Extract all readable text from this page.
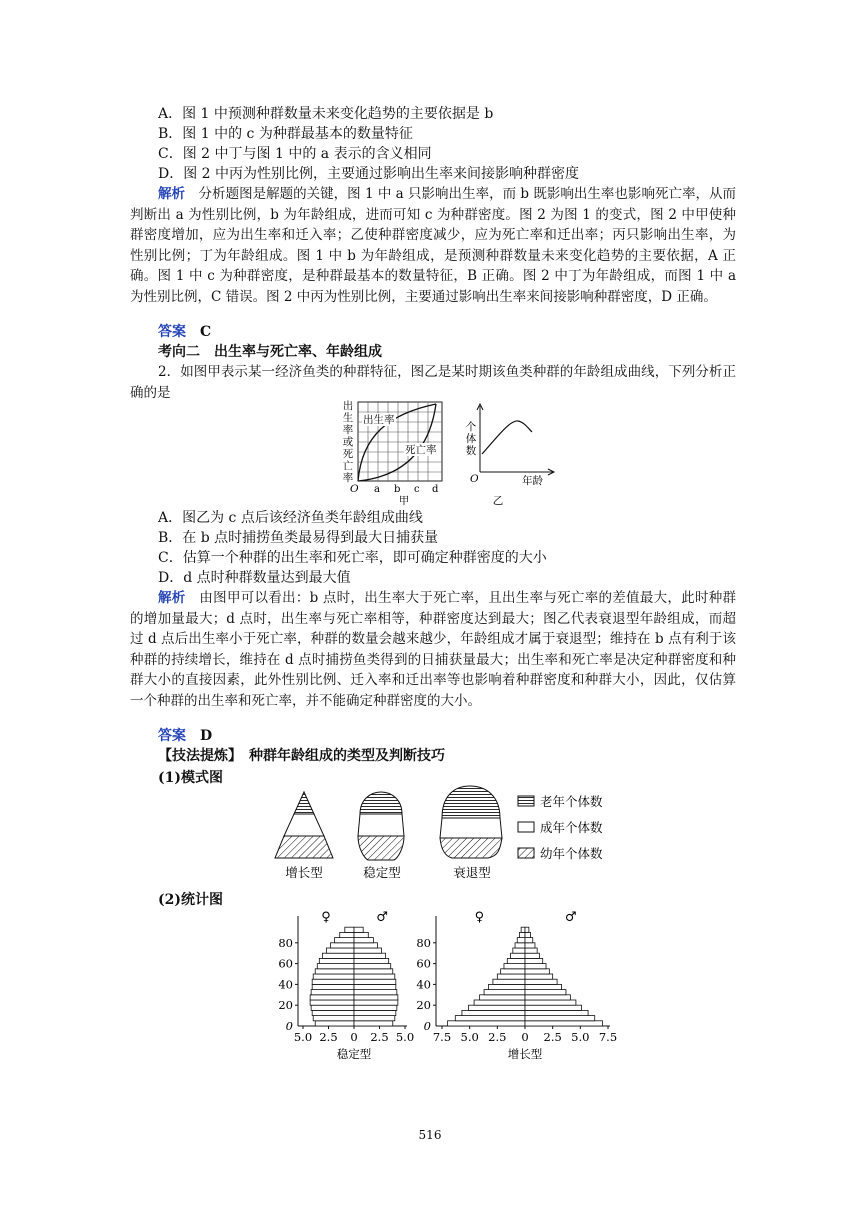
A．图 1 中预测种群数量未来变化趋势的主要依据是 b
B．图 1 中的 c 为种群最基本的数量特征
C．图 2 中丁与图 1 中的 a 表示的含义相同
D．图 2 中丙为性别比例，主要通过影响出生率来间接影响种群密度
解析　 分析题图是解题的关键，图 1 中 a 只影响出生率，而 b 既影响出生率也影响死亡率，从而判断出 a 为性别比例，b 为年龄组成，进而可知 c 为种群密度。图 2 为图 1 的变式，图 2 中甲使种群密度增加，应为出生率和迁入率；乙使种群密度减少，应为死亡率和迁出率；丙只影响出生率，为性别比例；丁为年龄组成。图 1 中 b 为年龄组成，是预测种群数量未来变化趋势的主要依据，A 正确。图 1 中 c 为种群密度，是种群最基本的数量特征，B 正确。图 2 中丁为年龄组成，而图 1 中 a 为性别比例，C 错误。图 2 中丙为性别比例，主要通过影响出生率来间接影响种群密度，D 正确。
答案　 C
考向二　出生率与死亡率、年龄组成
2．如图甲表示某一经济鱼类的种群特征，图乙是某时期该鱼类种群的年龄组成曲线，下列分析正确的是
出
生
率
或
死
亡
率
出生率
死亡率
O a b c d
甲
个
体
数
O	年龄
乙
A．图乙为 c 点后该经济鱼类年龄组成曲线
B．在 b 点时捕捞鱼类最易得到最大日捕获量
C．估算一个种群的出生率和死亡率，即可确定种群密度的大小
D．d 点时种群数量达到最大值
解析　 由图甲可以看出：b 点时，出生率大于死亡率，且出生率与死亡率的差值最大，此时种群的增加量最大；d 点时，出生率与死亡率相等，种群密度达到最大；图乙代表衰退型年龄组成，而超过 d 点后出生率小于死亡率，种群的数量会越来越少，年龄组成才属于衰退型；维持在 b 点有利于该种群的持续增长，维持在 d 点时捕捞鱼类得到的日捕获量最大；出生率和死亡率是决定种群密度和种群大小的直接因素，此外性别比例、迁入率和迁出率等也影响着种群密度和种群大小，因此，仅估算一个种群的出生率和死亡率，并不能确定种群密度的大小。
答案　 D
【技法提炼】　 种群年龄组成的类型及判断技巧
(1)模式图
增长型	稳定型	衰退型
老年个体数
成年个体数
幼年个体数
(2)统计图
0
20
40
60
80
5.0 2.5 0 2.5 5.0
♀	♂
稳定型
0
20
40
60
80
7.5 5.0 2.5 0 2.5 5.0 7.5
♀	♂
增长型
516
